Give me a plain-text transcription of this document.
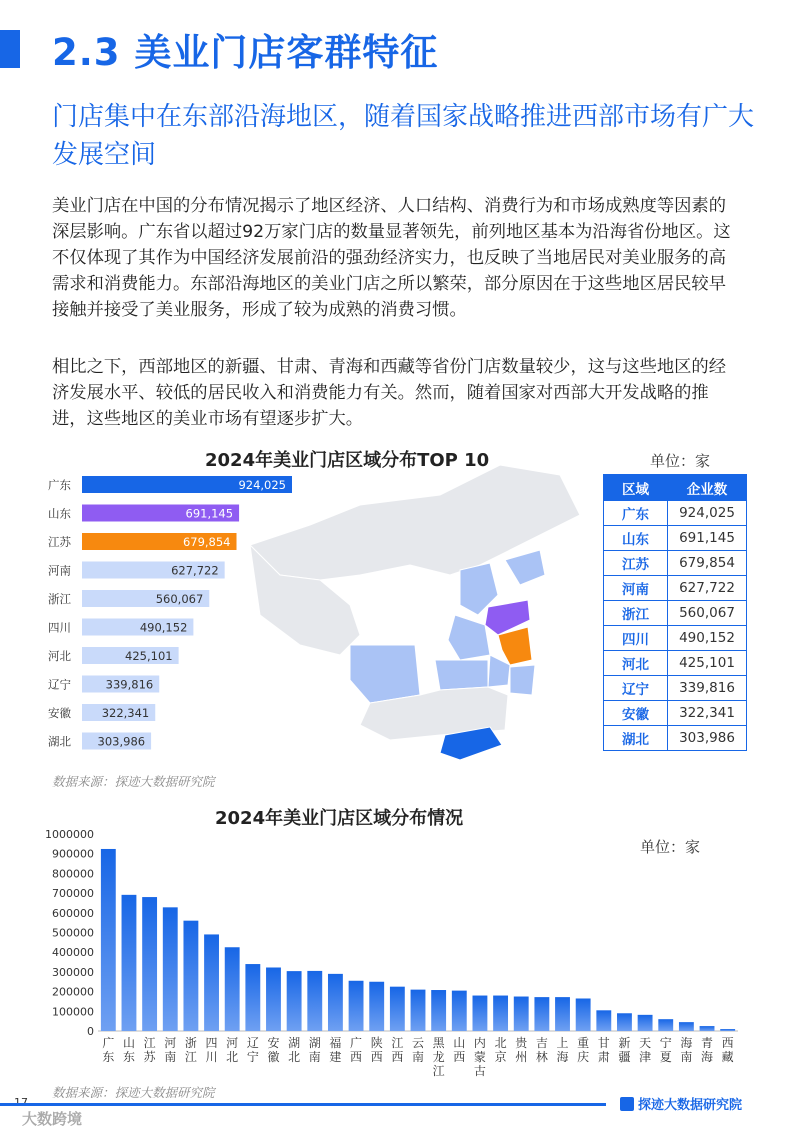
2.3 美业门店客群特征
门店集中在东部沿海地区，随着国家战略推进西部市场有广大发展空间

美业门店在中国的分布情况揭示了地区经济、人口结构、消费行为和市场成熟度等因素的深层影响。广东省以超过92万家门店的数量显著领先，前列地区基本为沿海省份地区。这不仅体现了其作为中国经济发展前沿的强劲经济实力，也反映了当地居民对美业服务的高需求和消费能力。东部沿海地区的美业门店之所以繁荣，部分原因在于这些地区居民较早接触并接受了美业服务，形成了较为成熟的消费习惯。

相比之下，西部地区的新疆、甘肃、青海和西藏等省份门店数量较少，这与这些地区的经济发展水平、较低的居民收入和消费能力有关。然而，随着国家对西部大开发战略的推进，这些地区的美业市场有望逐步扩大。

2024年美业门店区域分布TOP 10	单位：家
广东	924,025
山东	691,145
江苏	679,854
河南	627,722
浙江	560,067
四川	490,152
河北	425,101
辽宁	339,816
安徽	322,341
湖北 303,986
区域	企业数
广东	924,025
山东	691,145
江苏	679,854
河南	627,722
浙江	560,067
四川	490,152
河北	425,101
辽宁	339,816
安徽	322,341
湖北	303,986
数据来源：探迹大数据研究院
2024年美业门店区域分布情况
单位：家
0
100000
200000
300000
400000
500000
600000
700000
800000
900000
1000000
广东
山东
江苏
河南
浙江
四川
河北
辽宁
安徽
湖北
湖南
福建
广西
陕西
江西
云南
黑龙江
山西
内蒙古
北京
贵州
吉林
上海
重庆
甘肃
新疆
天津
宁夏
海南
青海
西藏
数据来源：探迹大数据研究院
大数跨境
探迹大数据研究院
